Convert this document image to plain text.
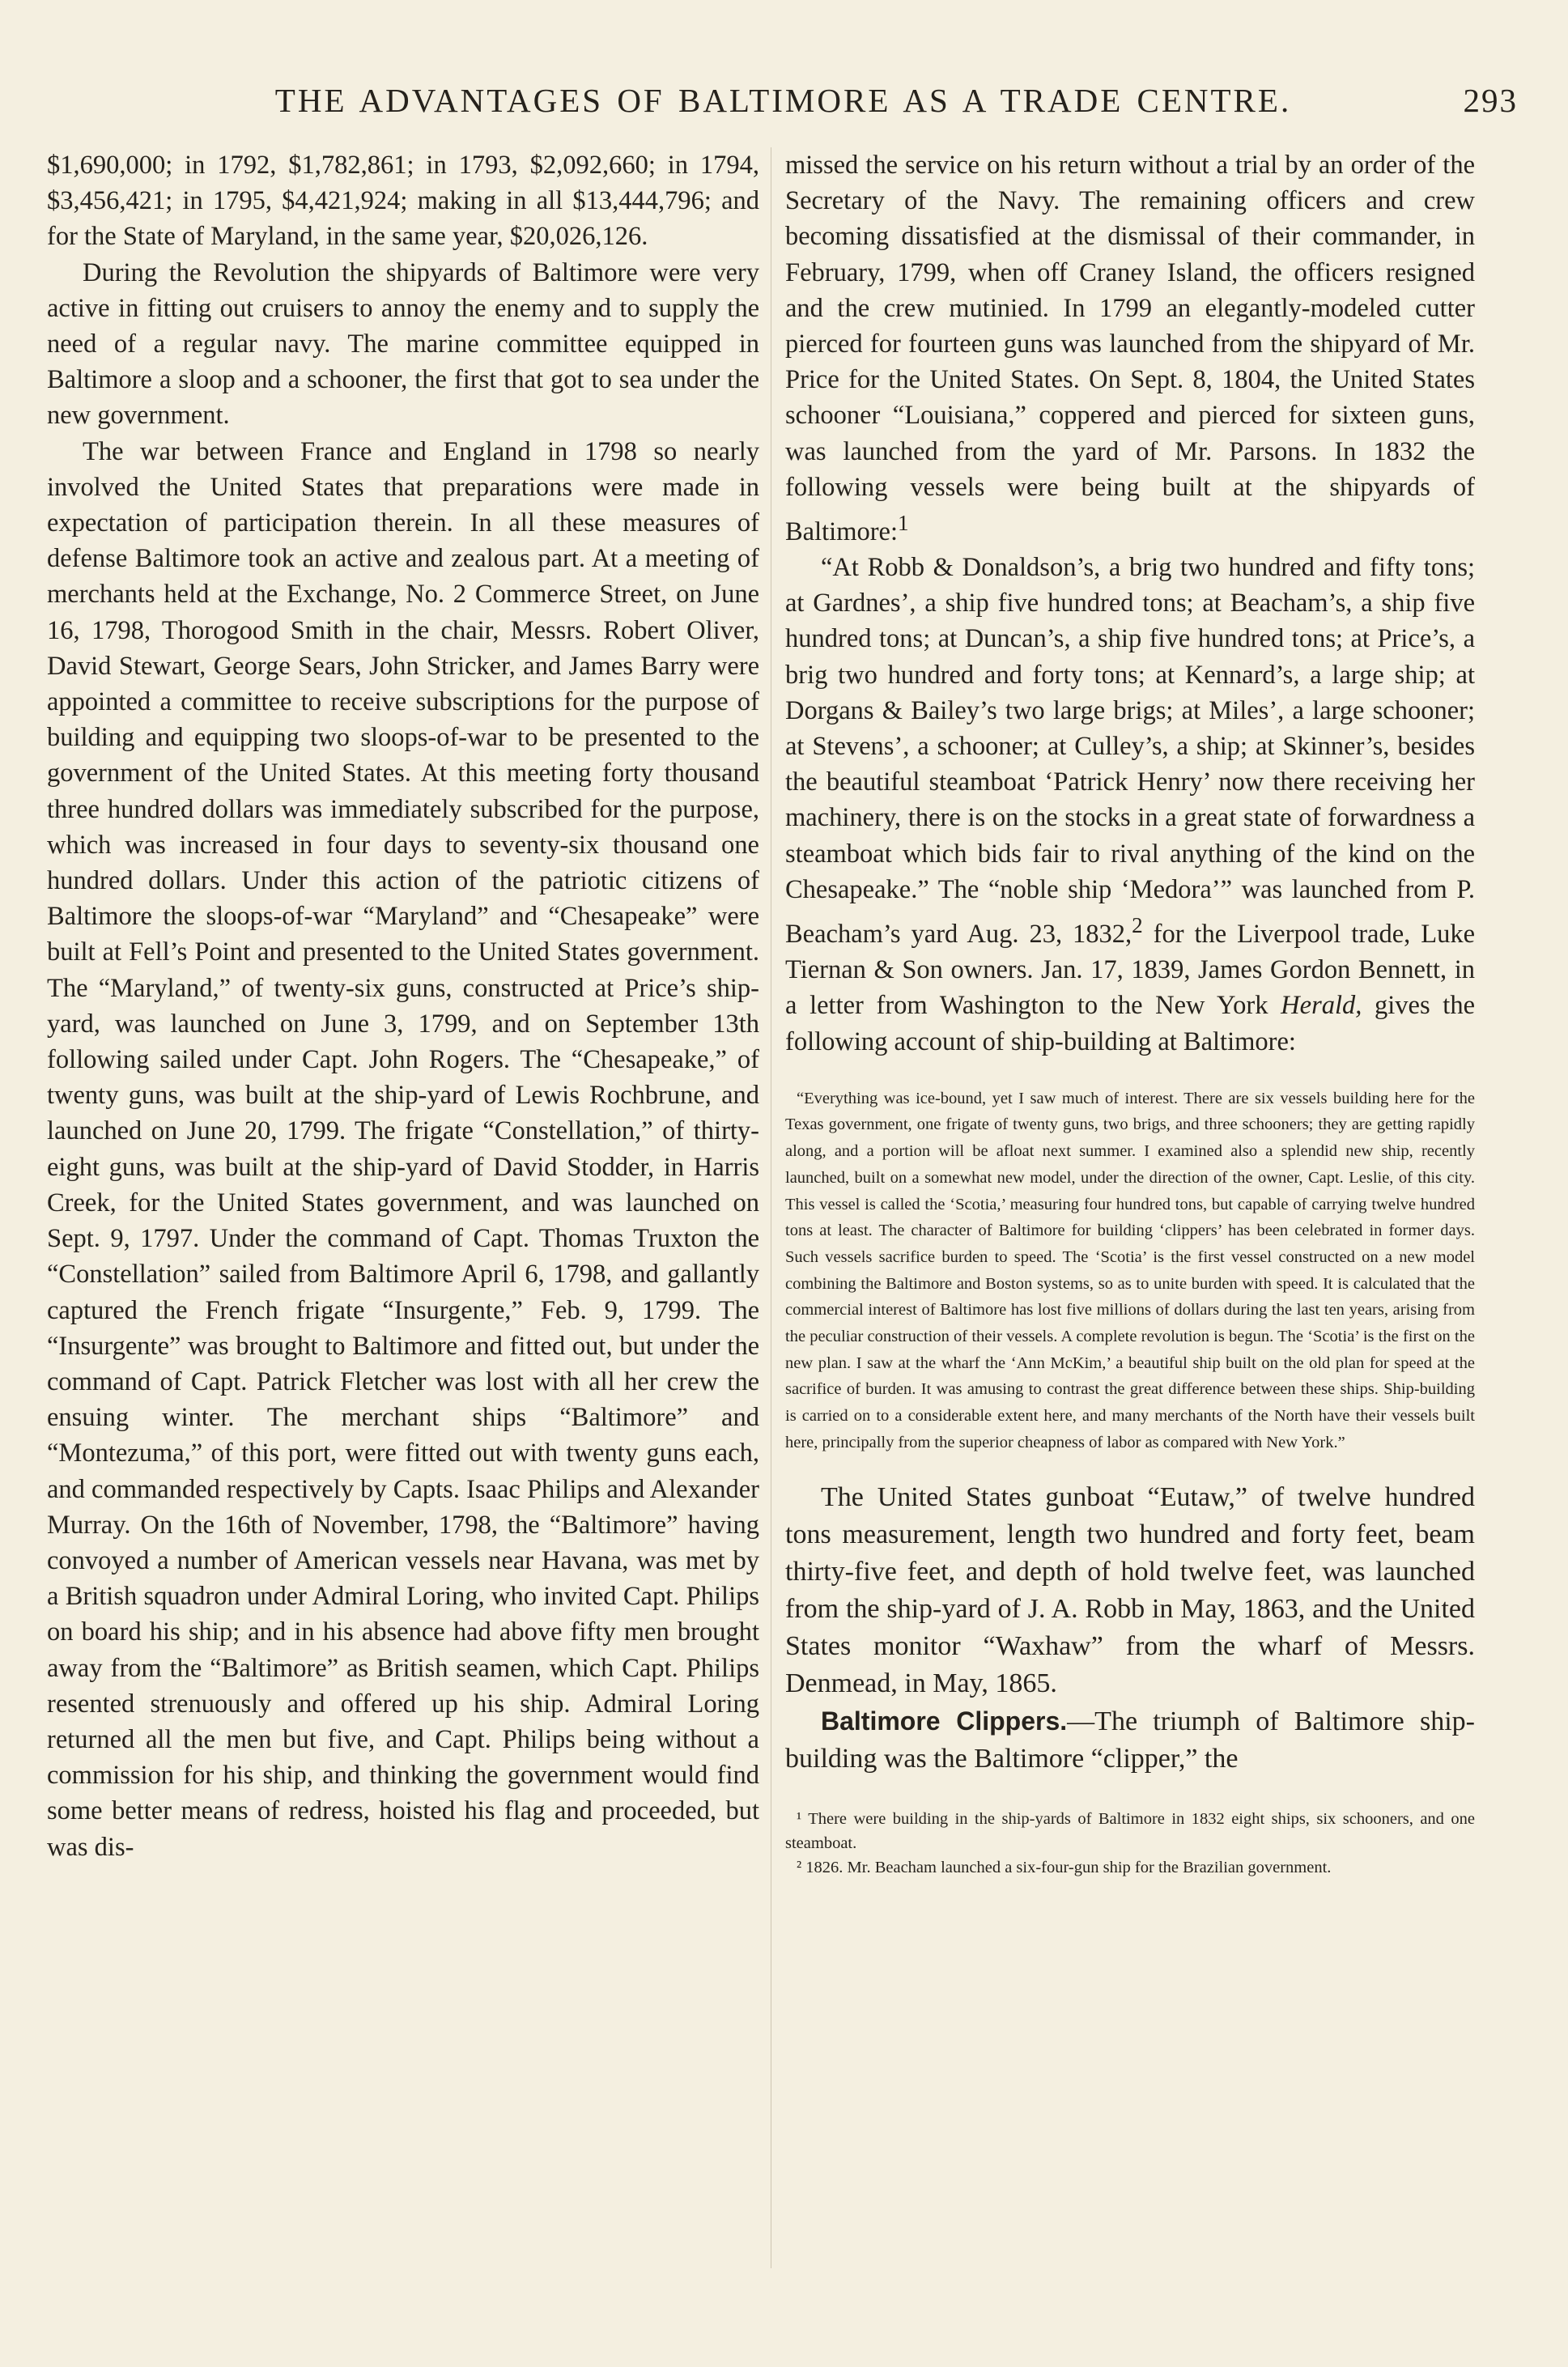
THE ADVANTAGES OF BALTIMORE AS A TRADE CENTRE.	293

$1,690,000; in 1792, $1,782,861; in 1793, $2,092,660; in 1794, $3,456,421; in 1795, $4,421,924; making in all $13,444,796; and for the State of Maryland, in the same year, $20,026,126.

During the Revolution the shipyards of Baltimore were very active in fitting out cruisers to annoy the enemy and to supply the need of a regular navy. The marine committee equipped in Baltimore a sloop and a schooner, the first that got to sea under the new government.

The war between France and England in 1798 so nearly involved the United States that preparations were made in expectation of participation therein. In all these measures of defense Baltimore took an active and zealous part. At a meeting of merchants held at the Exchange, No. 2 Commerce Street, on June 16, 1798, Thorogood Smith in the chair, Messrs. Robert Oliver, David Stewart, George Sears, John Stricker, and James Barry were appointed a committee to receive subscriptions for the purpose of building and equipping two sloops-of-war to be presented to the government of the United States. At this meeting forty thousand three hundred dollars was immediately subscribed for the purpose, which was increased in four days to seventy-six thousand one hundred dollars. Under this action of the patriotic citizens of Baltimore the sloops-of-war “Maryland” and “Chesapeake” were built at Fell’s Point and presented to the United States government. The “Maryland,” of twenty-six guns, constructed at Price’s ship-yard, was launched on June 3, 1799, and on September 13th following sailed under Capt. John Rogers. The “Chesapeake,” of twenty guns, was built at the ship-yard of Lewis Rochbrune, and launched on June 20, 1799. The frigate “Constellation,” of thirty-eight guns, was built at the ship-yard of David Stodder, in Harris Creek, for the United States government, and was launched on Sept. 9, 1797. Under the command of Capt. Thomas Truxton the “Constellation” sailed from Baltimore April 6, 1798, and gallantly captured the French frigate “Insurgente,” Feb. 9, 1799. The “Insurgente” was brought to Baltimore and fitted out, but under the command of Capt. Patrick Fletcher was lost with all her crew the ensuing winter. The merchant ships “Baltimore” and “Montezuma,” of this port, were fitted out with twenty guns each, and commanded respectively by Capts. Isaac Philips and Alexander Murray. On the 16th of November, 1798, the “Baltimore” having convoyed a number of American vessels near Havana, was met by a British squadron under Admiral Loring, who invited Capt. Philips on board his ship; and in his absence had above fifty men brought away from the “Baltimore” as British seamen, which Capt. Philips resented strenuously and offered up his ship. Admiral Loring returned all the men but five, and Capt. Philips being without a commission for his ship, and thinking the government would find some better means of redress, hoisted his flag and proceeded, but was dis-

missed the service on his return without a trial by an order of the Secretary of the Navy. The remaining officers and crew becoming dissatisfied at the dismissal of their commander, in February, 1799, when off Craney Island, the officers resigned and the crew mutinied. In 1799 an elegantly-modeled cutter pierced for fourteen guns was launched from the shipyard of Mr. Price for the United States. On Sept. 8, 1804, the United States schooner “Louisiana,” coppered and pierced for sixteen guns, was launched from the yard of Mr. Parsons. In 1832 the following vessels were being built at the shipyards of Baltimore:$^1$

“At Robb & Donaldson’s, a brig two hundred and fifty tons; at Gardnes’, a ship five hundred tons; at Beacham’s, a ship five hundred tons; at Duncan’s, a ship five hundred tons; at Price’s, a brig two hundred and forty tons; at Kennard’s, a large ship; at Dorgans & Bailey’s two large brigs; at Miles’, a large schooner; at Stevens’, a schooner; at Culley’s, a ship; at Skinner’s, besides the beautiful steamboat ‘Patrick Henry’ now there receiving her machinery, there is on the stocks in a great state of forwardness a steamboat which bids fair to rival anything of the kind on the Chesapeake.” The “noble ship ‘Medora’” was launched from P. Beacham’s yard Aug. 23, 1832,$^2$ for the Liverpool trade, Luke Tiernan & Son owners. Jan. 17, 1839, James Gordon Bennett, in a letter from Washington to the New York Herald, gives the following account of ship-building at Baltimore:

“Everything was ice-bound, yet I saw much of interest. There are six vessels building here for the Texas government, one frigate of twenty guns, two brigs, and three schooners; they are getting rapidly along, and a portion will be afloat next summer. I examined also a splendid new ship, recently launched, built on a somewhat new model, under the direction of the owner, Capt. Leslie, of this city. This vessel is called the ‘Scotia,’ measuring four hundred tons, but capable of carrying twelve hundred tons at least. The character of Baltimore for building ‘clippers’ has been celebrated in former days. Such vessels sacrifice burden to speed. The ‘Scotia’ is the first vessel constructed on a new model combining the Baltimore and Boston systems, so as to unite burden with speed. It is calculated that the commercial interest of Baltimore has lost five millions of dollars during the last ten years, arising from the peculiar construction of their vessels. A complete revolution is begun. The ‘Scotia’ is the first on the new plan. I saw at the wharf the ‘Ann McKim,’ a beautiful ship built on the old plan for speed at the sacrifice of burden. It was amusing to contrast the great difference between these ships. Ship-building is carried on to a considerable extent here, and many merchants of the North have their vessels built here, principally from the superior cheapness of labor as compared with New York.”

The United States gunboat “Eutaw,” of twelve hundred tons measurement, length two hundred and forty feet, beam thirty-five feet, and depth of hold twelve feet, was launched from the ship-yard of J. A. Robb in May, 1863, and the United States monitor “Waxhaw” from the wharf of Messrs. Denmead, in May, 1865.

Baltimore Clippers.—The triumph of Baltimore ship-building was the Baltimore “clipper,” the

¹ There were building in the ship-yards of Baltimore in 1832 eight ships, six schooners, and one steamboat.

² 1826. Mr. Beacham launched a six-four-gun ship for the Brazilian government.
